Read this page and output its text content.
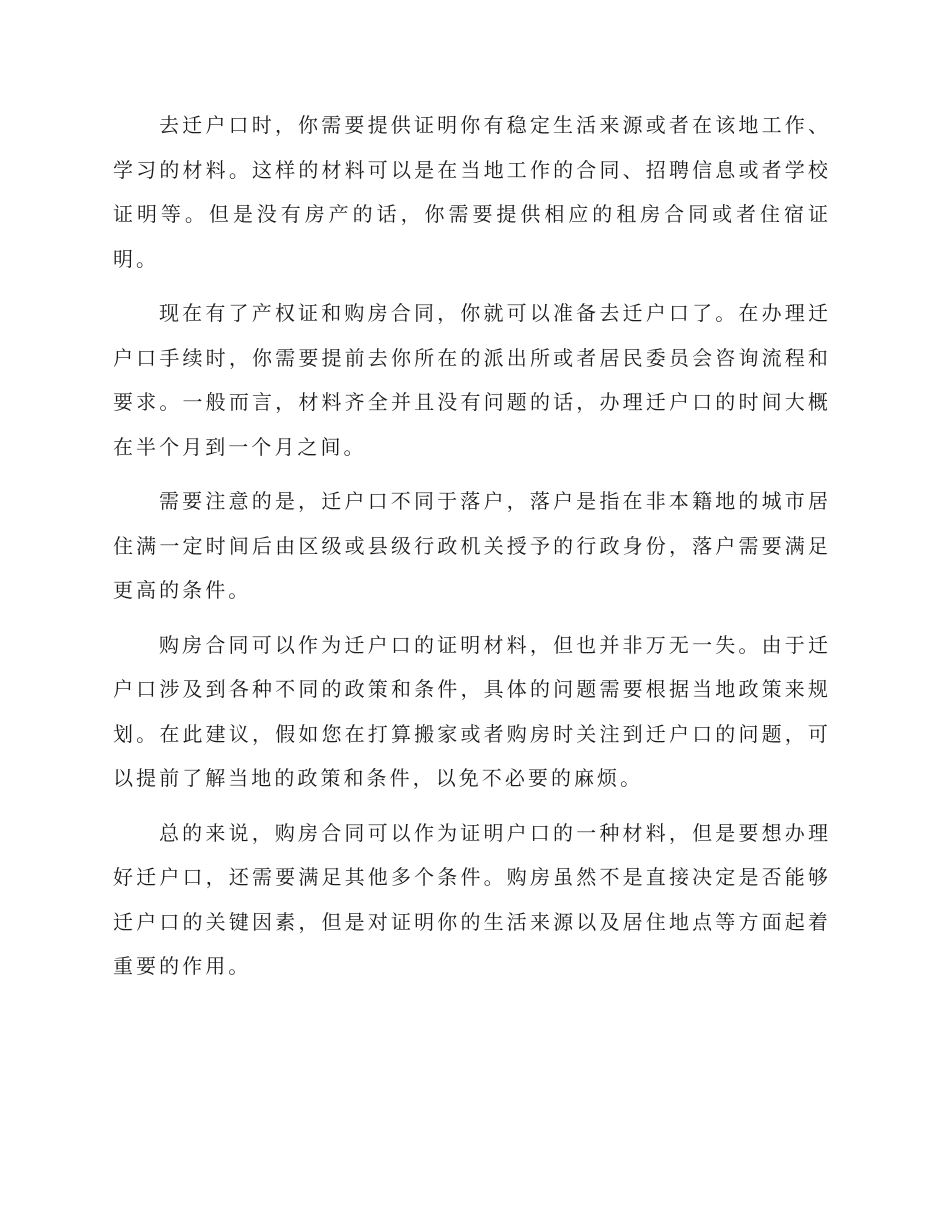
去迁户口时，你需要提供证明你有稳定生活来源或者在该地工作、学习的材料。这样的材料可以是在当地工作的合同、招聘信息或者学校证明等。但是没有房产的话，你需要提供相应的租房合同或者住宿证明。

现在有了产权证和购房合同，你就可以准备去迁户口了。在办理迁户口手续时，你需要提前去你所在的派出所或者居民委员会咨询流程和要求。一般而言，材料齐全并且没有问题的话，办理迁户口的时间大概在半个月到一个月之间。

需要注意的是，迁户口不同于落户，落户是指在非本籍地的城市居住满一定时间后由区级或县级行政机关授予的行政身份，落户需要满足更高的条件。

购房合同可以作为迁户口的证明材料，但也并非万无一失。由于迁户口涉及到各种不同的政策和条件，具体的问题需要根据当地政策来规划。在此建议，假如您在打算搬家或者购房时关注到迁户口的问题，可以提前了解当地的政策和条件，以免不必要的麻烦。

总的来说，购房合同可以作为证明户口的一种材料，但是要想办理好迁户口，还需要满足其他多个条件。购房虽然不是直接决定是否能够迁户口的关键因素，但是对证明你的生活来源以及居住地点等方面起着重要的作用。
